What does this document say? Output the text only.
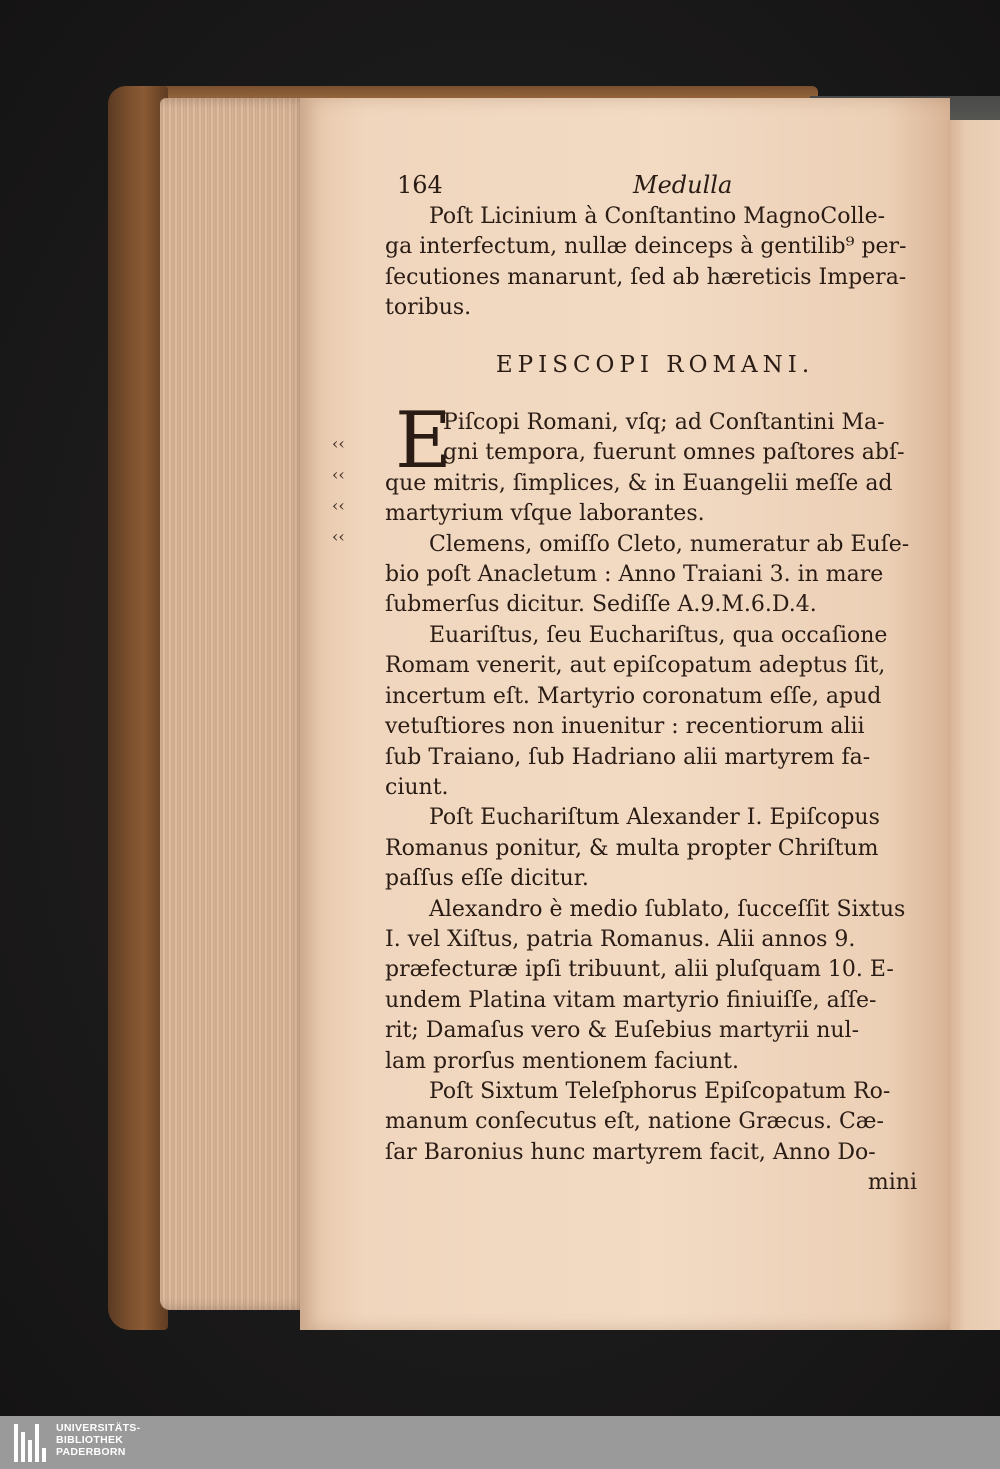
‹‹
‹‹
‹‹
‹‹
164	Medulla

Poſt Licinium à Conſtantino MagnoColle-
ga interfectum, nullæ deinceps à gentilib⁹ per-
ſecutiones manarunt, ſed ab hæreticis Impera-
toribus.

EPISCOPI ROMANI.

E
Piſcopi Romani, vſq; ad Conſtantini Ma-
gni tempora, fuerunt omnes paſtores abſ-
que mitris, ſimplices, & in Euangelii meſſe ad
martyrium vſque laborantes.

Clemens, omiſſo Cleto, numeratur ab Euſe-
bio poſt Anacletum : Anno Traiani 3. in mare
ſubmerſus dicitur. Sediſſe A.9.M.6.D.4.

Euariſtus, ſeu Euchariſtus, qua occaſione
Romam venerit, aut epiſcopatum adeptus ſit,
incertum eſt. Martyrio coronatum eſſe, apud
vetuſtiores non inuenitur : recentiorum alii
ſub Traiano, ſub Hadriano alii martyrem fa-
ciunt.

Poſt Euchariſtum Alexander I. Epiſcopus
Romanus ponitur, & multa propter Chriſtum
paſſus eſſe dicitur.

Alexandro è medio ſublato, ſucceſſit Sixtus
I. vel Xiſtus, patria Romanus. Alii annos 9.
præfecturæ ipſi tribuunt, alii pluſquam 10. E-
undem Platina vitam martyrio finiuiſſe, aſſe-
rit; Damaſus vero & Euſebius martyrii nul-
lam prorſus mentionem faciunt.

Poſt Sixtum Teleſphorus Epiſcopatum Ro-
manum conſecutus eſt, natione Græcus. Cæ-
ſar Baronius hunc martyrem facit, Anno Do-

mini
UNIVERSITÄTS-
BIBLIOTHEK
PADERBORN
